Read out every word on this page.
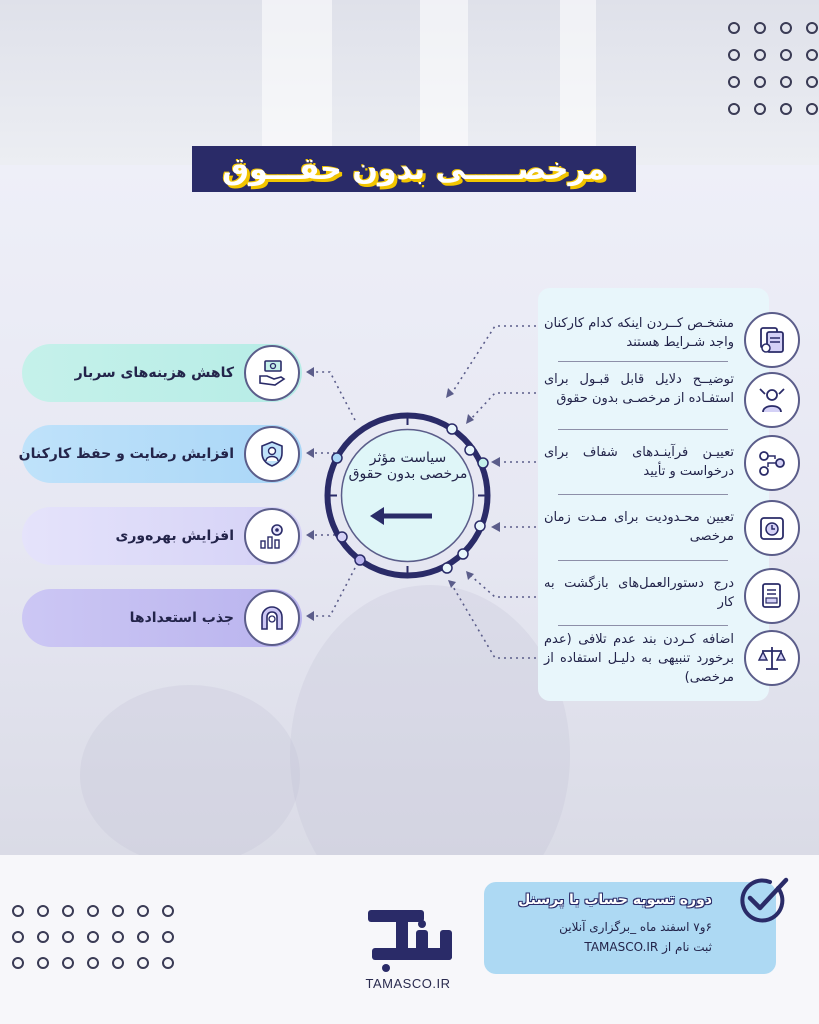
مرخصـــــی بدون حقـــوق
سیاست مؤثر مرخصی بدون حقوق
مشخـص کــردن اینکه کدام کارکنان واجد شـرایط هستند
توضیــح دلایل قابل قبـول برای استفـاده از مرخصـی بدون حقوق
تعییـن فرآینـدهای شفاف برای درخواست و تأیید
تعیین محـدودیت برای مـدت زمان مرخصی
درج دستورالعمل‌های بازگشت به کار
اضافه کـردن بند عدم تلافی (عدم برخورد تنبیهی به دلیـل استفاده از مرخصی)
کاهش هزینه‌های سربار
افزایش رضایت و حفظ کارکنان
افزایش بهره‌وری
جذب استعدادها
TAMASCO.IR
دوره تسویه حساب با پرسنل
۶و۷ اسفند ماه _برگزاری آنلاین
ثبت نام از TAMASCO.IR
